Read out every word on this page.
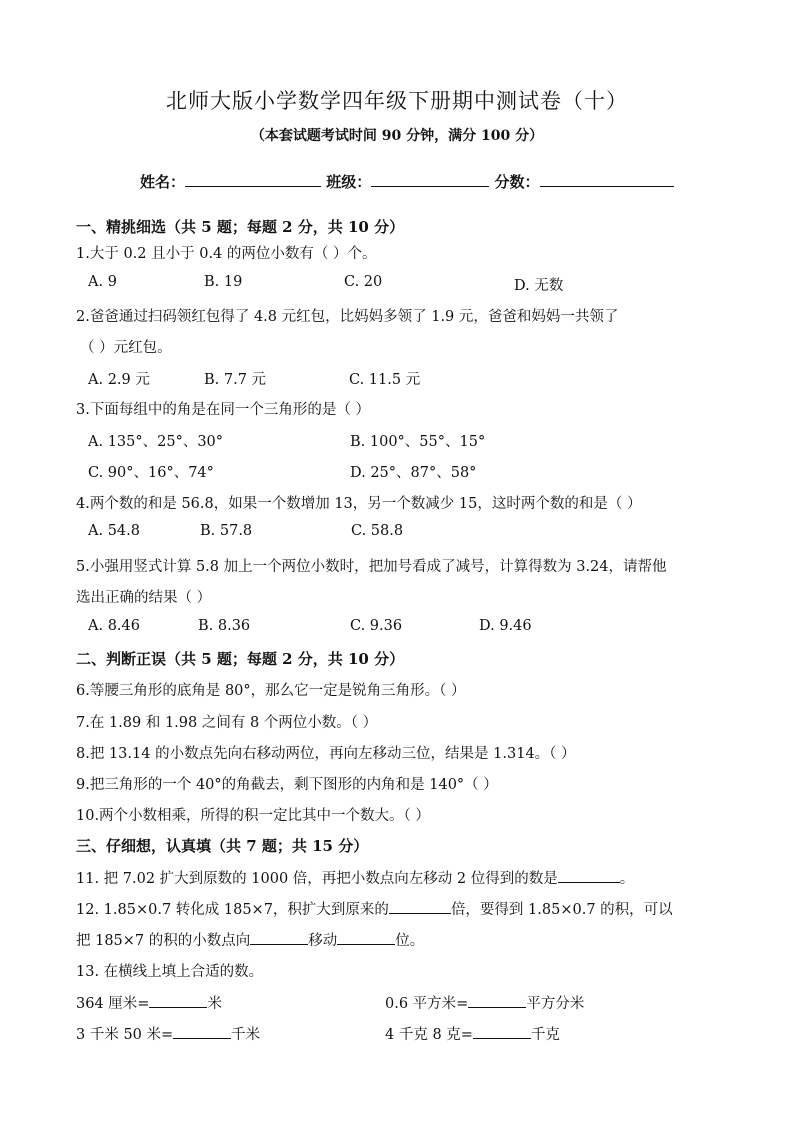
北师大版小学数学四年级下册期中测试卷（十）
（本套试题考试时间 90 分钟，满分 100 分）
姓名：	班级：	分数：
一、精挑细选（共 5 题；每题 2 分，共 10 分）
1.大于 0.2 且小于 0.4 的两位小数有（ ）个。
A. 9	B. 19	C. 20	D. 无数
2.爸爸通过扫码领红包得了 4.8 元红包，比妈妈多领了 1.9 元，爸爸和妈妈一共领了
（ ）元红包。
A. 2.9 元	B. 7.7 元	C. 11.5 元
3.下面每组中的角是在同一个三角形的是（ ）
A. 135°、25°、30°	B. 100°、55°、15°
C. 90°、16°、74°	D. 25°、87°、58°
4.两个数的和是 56.8，如果一个数增加 13，另一个数减少 15，这时两个数的和是（ ）
A. 54.8	B. 57.8	C. 58.8
5.小强用竖式计算 5.8 加上一个两位小数时，把加号看成了减号，计算得数为 3.24，请帮他
选出正确的结果（ ）
A. 8.46	B. 8.36	C. 9.36	D. 9.46
二、判断正误（共 5 题；每题 2 分，共 10 分）
6.等腰三角形的底角是 80°，那么它一定是锐角三角形。（ ）
7.在 1.89 和 1.98 之间有 8 个两位小数。（ ）
8.把 13.14 的小数点先向右移动两位，再向左移动三位，结果是 1.314。（ ）
9.把三角形的一个 40°的角截去，剩下图形的内角和是 140°（ ）
10.两个小数相乘，所得的积一定比其中一个数大。（ ）
三、仔细想，认真填（共 7 题；共 15 分）
11. 把 7.02 扩大到原数的 1000 倍，再把小数点向左移动 2 位得到的数是	。
12. 1.85×0.7 转化成 185×7，积扩大到原来的	倍，要得到 1.85×0.7 的积，可以
把 185×7 的积的小数点向	移动	位。
13. 在横线上填上合适的数。
364 厘米=	米	0.6 平方米=	平方分米
3 千米 50 米=	千米	4 千克 8 克=	千克
